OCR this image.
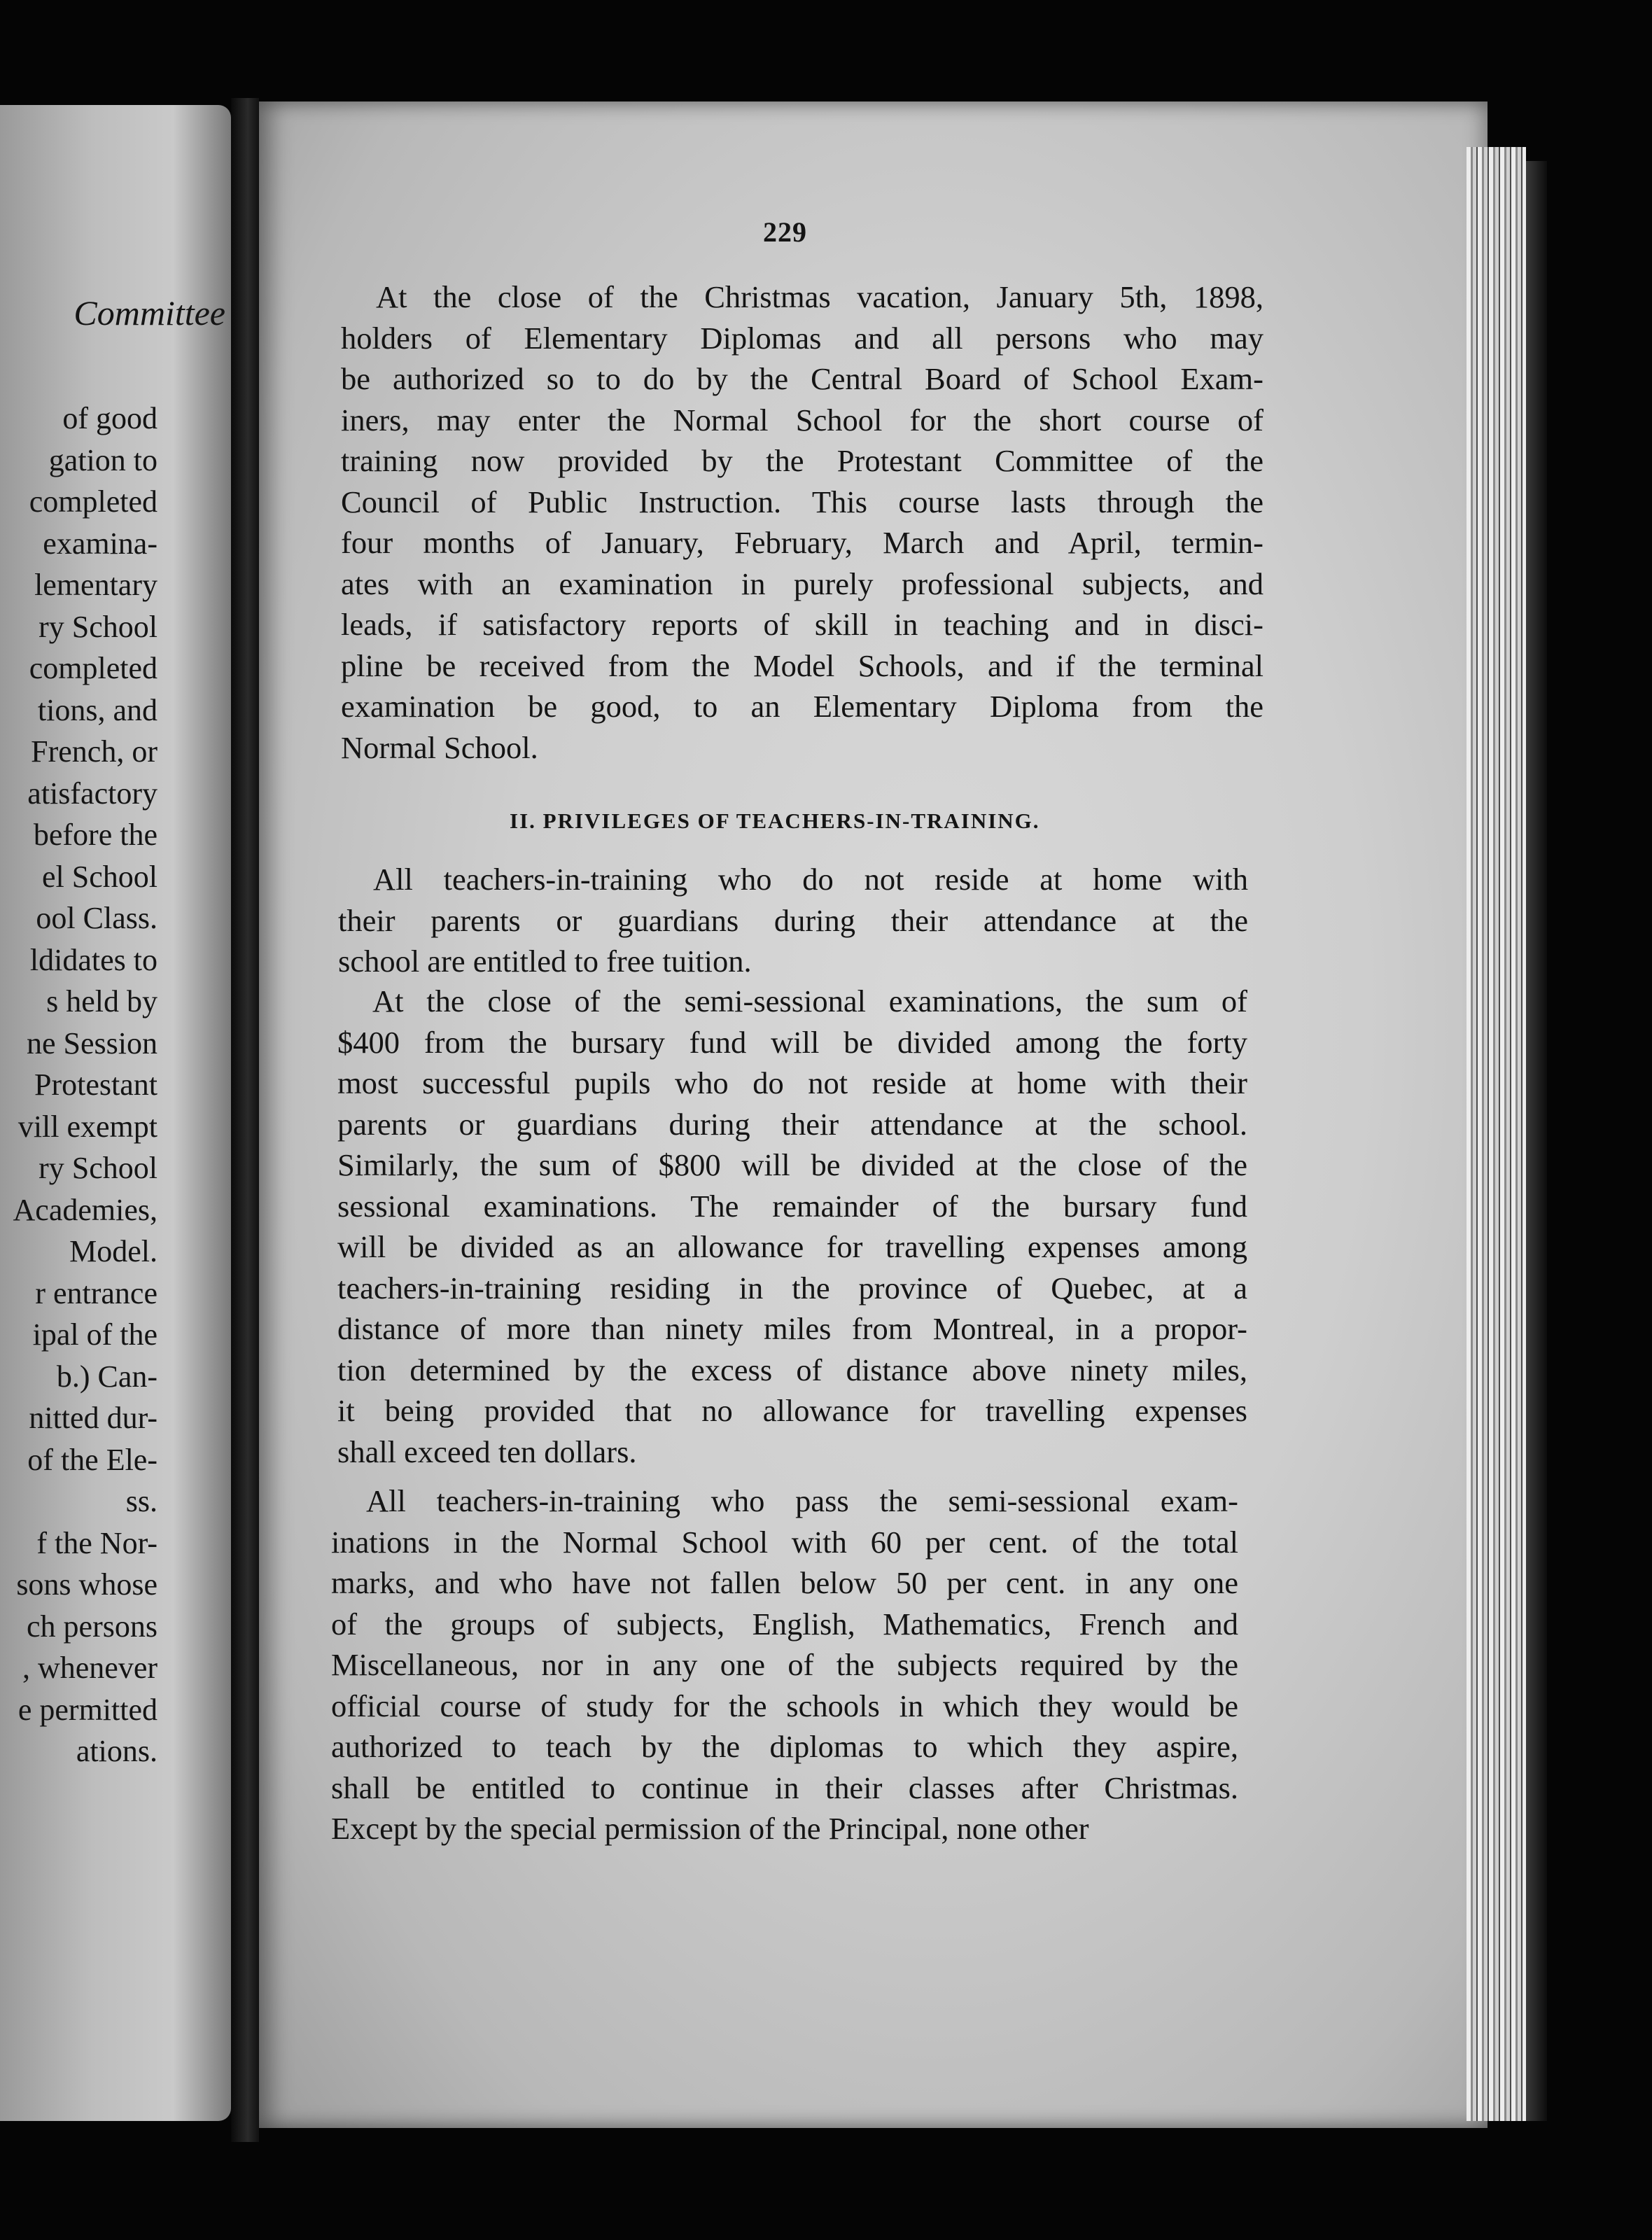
Committee
of good
gation to
completed
examina-
lementary
ry School
completed
tions, and
French, or
atisfactory
before the
el School
ool Class.
ldidates to
s held by
ne Session
Protestant
vill exempt
ry School
Academies,
Model.
r entrance
ipal of the
b.) Can-
nitted dur-
of the Ele-
ss.
f the Nor-
sons whose
ch persons
, whenever
e permitted
ations.
229
At the close of the Christmas vacation, January 5th, 1898,
holders of Elementary Diplomas and all persons who may
be authorized so to do by the Central Board of School Exam-
iners, may enter the Normal School for the short course of
training now provided by the Protestant Committee of the
Council of Public Instruction. This course lasts through the
four months of January, February, March and April, termin-
ates with an examination in purely professional subjects, and
leads, if satisfactory reports of skill in teaching and in disci-
pline be received from the Model Schools, and if the terminal
examination be good, to an Elementary Diploma from the
Normal School.
II. PRIVILEGES OF TEACHERS-IN-TRAINING.
All teachers-in-training who do not reside at home with
their parents or guardians during their attendance at the
school are entitled to free tuition.
At the close of the semi-sessional examinations, the sum of
$400 from the bursary fund will be divided among the forty
most successful pupils who do not reside at home with their
parents or guardians during their attendance at the school.
Similarly, the sum of $800 will be divided at the close of the
sessional examinations. The remainder of the bursary fund
will be divided as an allowance for travelling expenses among
teachers-in-training residing in the province of Quebec, at a
distance of more than ninety miles from Montreal, in a propor-
tion determined by the excess of distance above ninety miles,
it being provided that no allowance for travelling expenses
shall exceed ten dollars.
All teachers-in-training who pass the semi-sessional exam-
inations in the Normal School with 60 per cent. of the total
marks, and who have not fallen below 50 per cent. in any one
of the groups of subjects, English, Mathematics, French and
Miscellaneous, nor in any one of the subjects required by the
official course of study for the schools in which they would be
authorized to teach by the diplomas to which they aspire,
shall be entitled to continue in their classes after Christmas.
Except by the special permission of the Principal, none other
